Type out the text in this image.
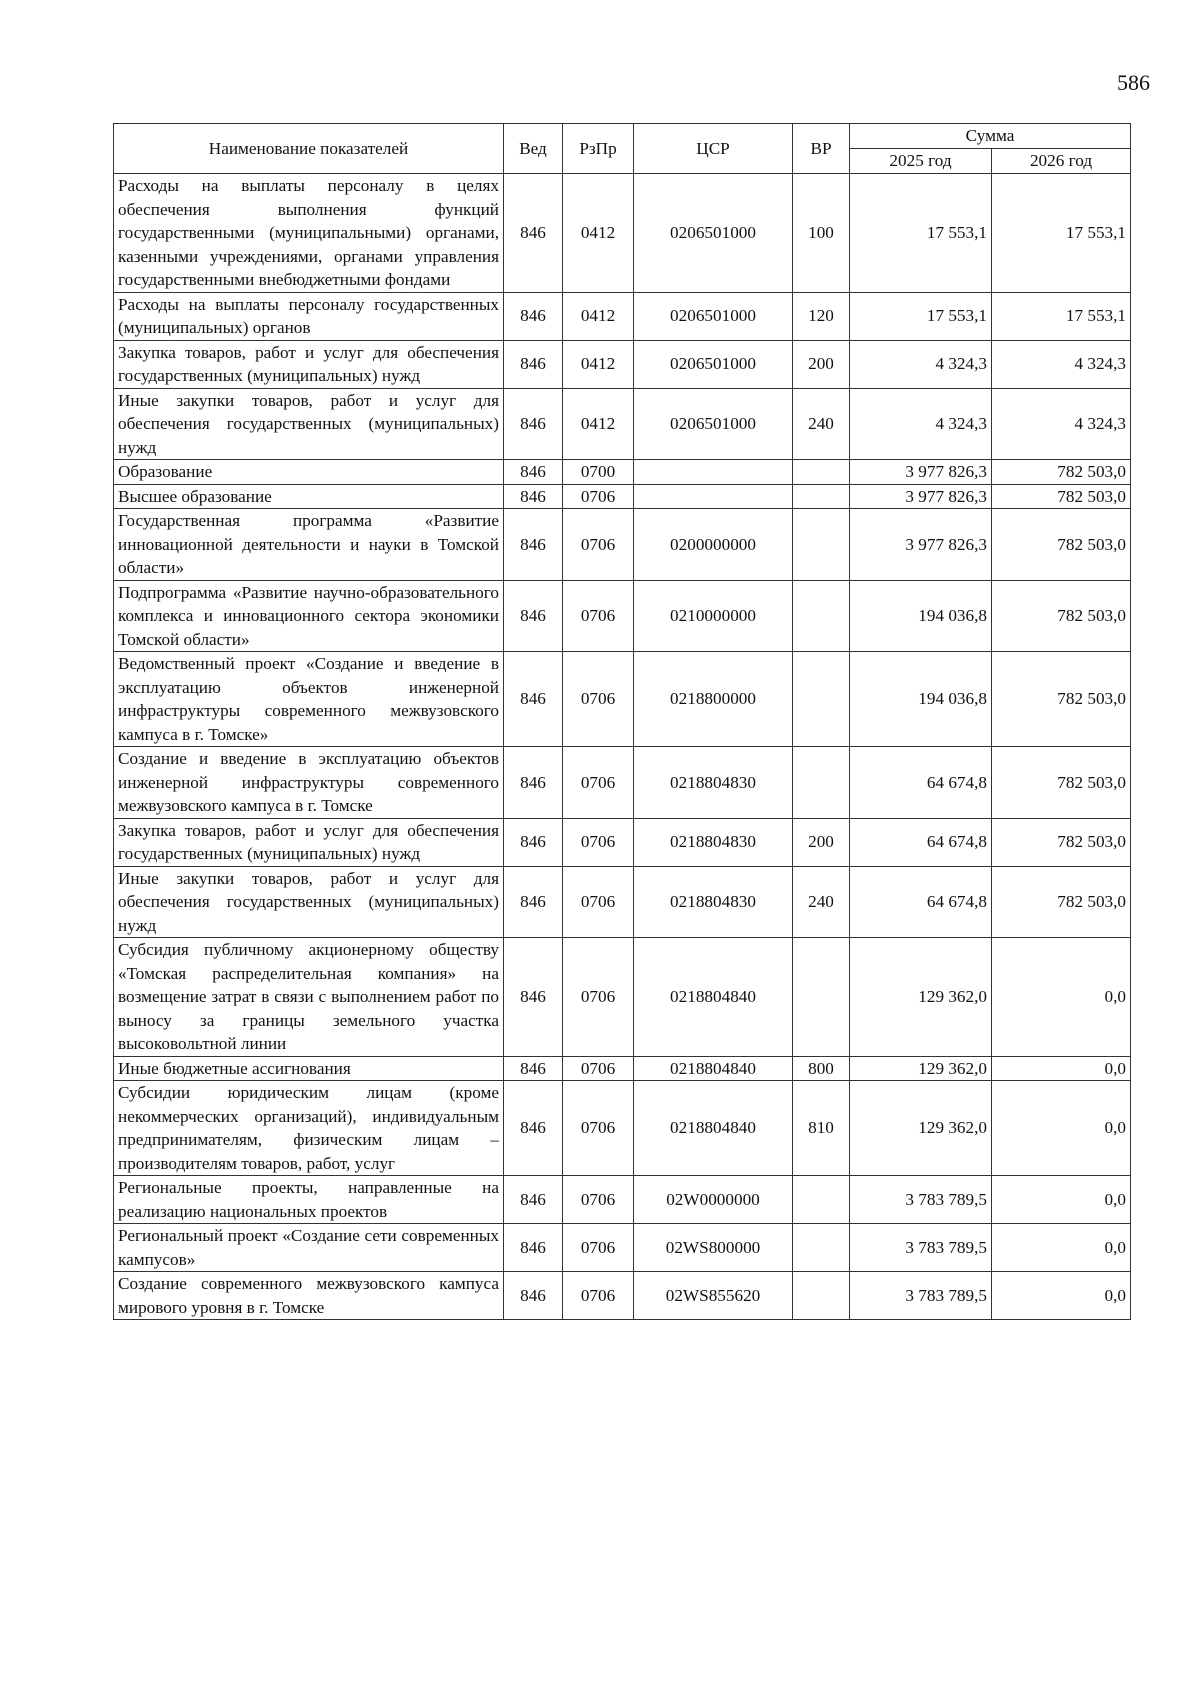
586
Наименование показателей	Вед	РзПр	ЦСР	ВР	Сумма	
					2025 год	2026 год
Расходы на выплаты персоналу в целях обеспечения выполнения функций государственными (муниципальными) органами, казенными учреждениями, органами управления государственными внебюджетными фондами	846	0412	0206501000	100	17 553,1	17 553,1
Расходы на выплаты персоналу государственных (муниципальных) органов	846	0412	0206501000	120	17 553,1	17 553,1
Закупка товаров, работ и услуг для обеспечения государственных (муниципальных) нужд	846	0412	0206501000	200	4 324,3	4 324,3
Иные закупки товаров, работ и услуг для обеспечения государственных (муниципальных) нужд	846	0412	0206501000	240	4 324,3	4 324,3
Образование	846	0700			3 977 826,3	782 503,0
Высшее образование	846	0706			3 977 826,3	782 503,0
Государственная программа «Развитие инновационной деятельности и науки в Томской области»	846	0706	0200000000		3 977 826,3	782 503,0
Подпрограмма «Развитие научно-образовательного комплекса и инновационного сектора экономики Томской области»	846	0706	0210000000		194 036,8	782 503,0
Ведомственный проект «Создание и введение в эксплуатацию объектов инженерной инфраструктуры современного межвузовского кампуса в г. Томске»	846	0706	0218800000		194 036,8	782 503,0
Создание и введение в эксплуатацию объектов инженерной инфраструктуры современного межвузовского кампуса в г. Томске	846	0706	0218804830		64 674,8	782 503,0
Закупка товаров, работ и услуг для обеспечения государственных (муниципальных) нужд	846	0706	0218804830	200	64 674,8	782 503,0
Иные закупки товаров, работ и услуг для обеспечения государственных (муниципальных) нужд	846	0706	0218804830	240	64 674,8	782 503,0
Субсидия публичному акционерному обществу «Томская распределительная компания» на возмещение затрат в связи с выполнением работ по выносу за границы земельного участка высоковольтной линии	846	0706	0218804840		129 362,0	0,0
Иные бюджетные ассигнования	846	0706	0218804840	800	129 362,0	0,0
Субсидии юридическим лицам (кроме некоммерческих организаций), индивидуальным предпринимателям, физическим лицам – производителям товаров, работ, услуг	846	0706	0218804840	810	129 362,0	0,0
Региональные проекты, направленные на реализацию национальных проектов	846	0706	02W0000000		3 783 789,5	0,0
Региональный проект «Создание сети современных кампусов»	846	0706	02WS800000		3 783 789,5	0,0
Создание современного межвузовского кампуса мирового уровня в г. Томске	846	0706	02WS855620		3 783 789,5	0,0
